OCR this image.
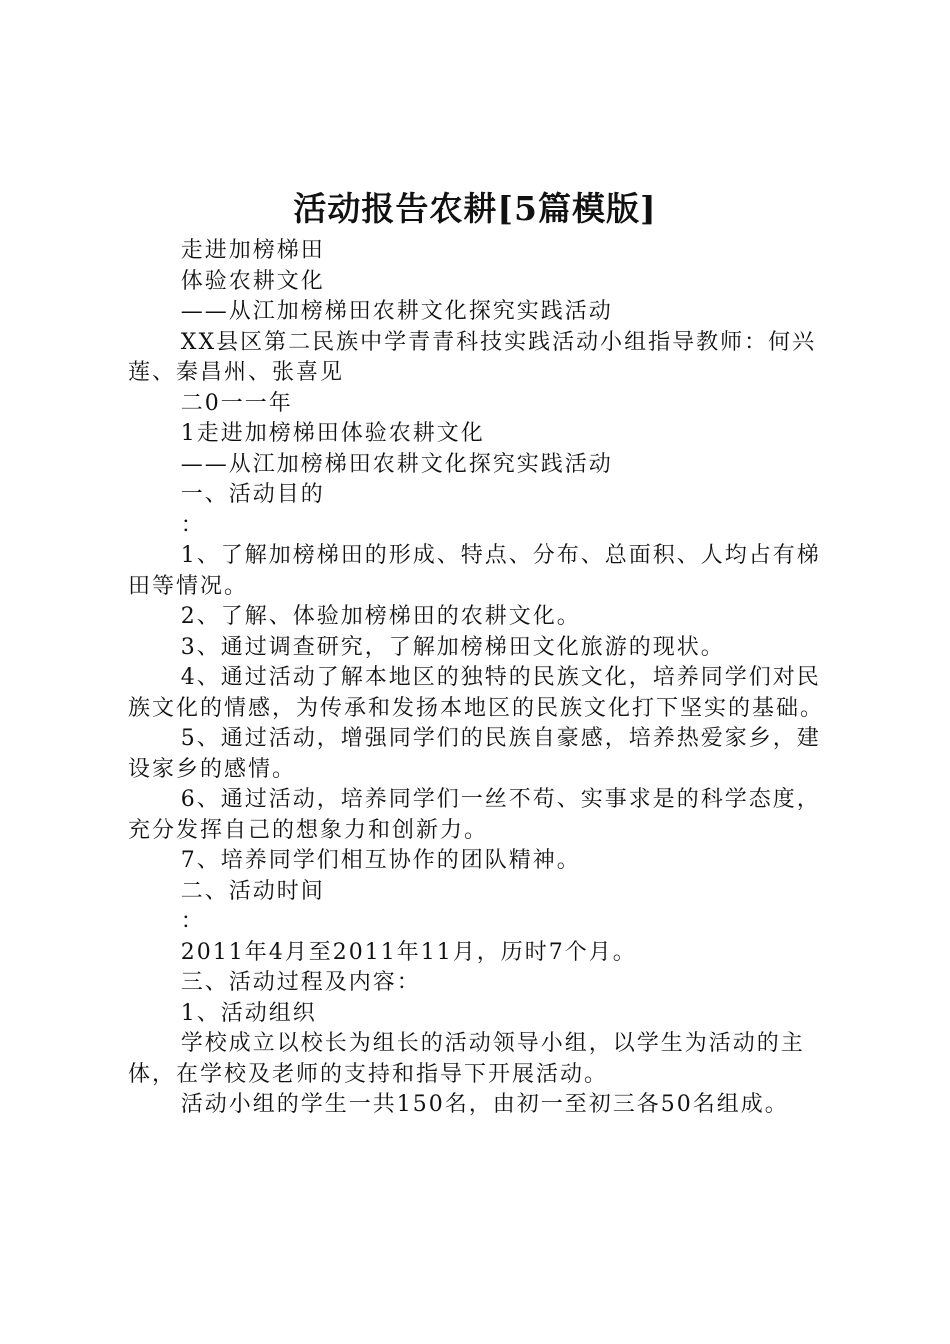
活动报告农耕[5篇模版]

走进加榜梯田

体验农耕文化

——从江加榜梯田农耕文化探究实践活动

XX县区第二民族中学青青科技实践活动小组指导教师：何兴莲、秦昌州、张喜见

二0一一年

1走进加榜梯田体验农耕文化

——从江加榜梯田农耕文化探究实践活动

一、活动目的

：

1、了解加榜梯田的形成、特点、分布、总面积、人均占有梯田等情况。

2、了解、体验加榜梯田的农耕文化。

3、通过调查研究，了解加榜梯田文化旅游的现状。

4、通过活动了解本地区的独特的民族文化，培养同学们对民族文化的情感，为传承和发扬本地区的民族文化打下坚实的基础。

5、通过活动，增强同学们的民族自豪感，培养热爱家乡，建设家乡的感情。

6、通过活动，培养同学们一丝不苟、实事求是的科学态度，充分发挥自己的想象力和创新力。

7、培养同学们相互协作的团队精神。

二、活动时间

：

2011年4月至2011年11月，历时7个月。

三、活动过程及内容：

1、活动组织

学校成立以校长为组长的活动领导小组，以学生为活动的主体，在学校及老师的支持和指导下开展活动。

活动小组的学生一共150名，由初一至初三各50名组成。
